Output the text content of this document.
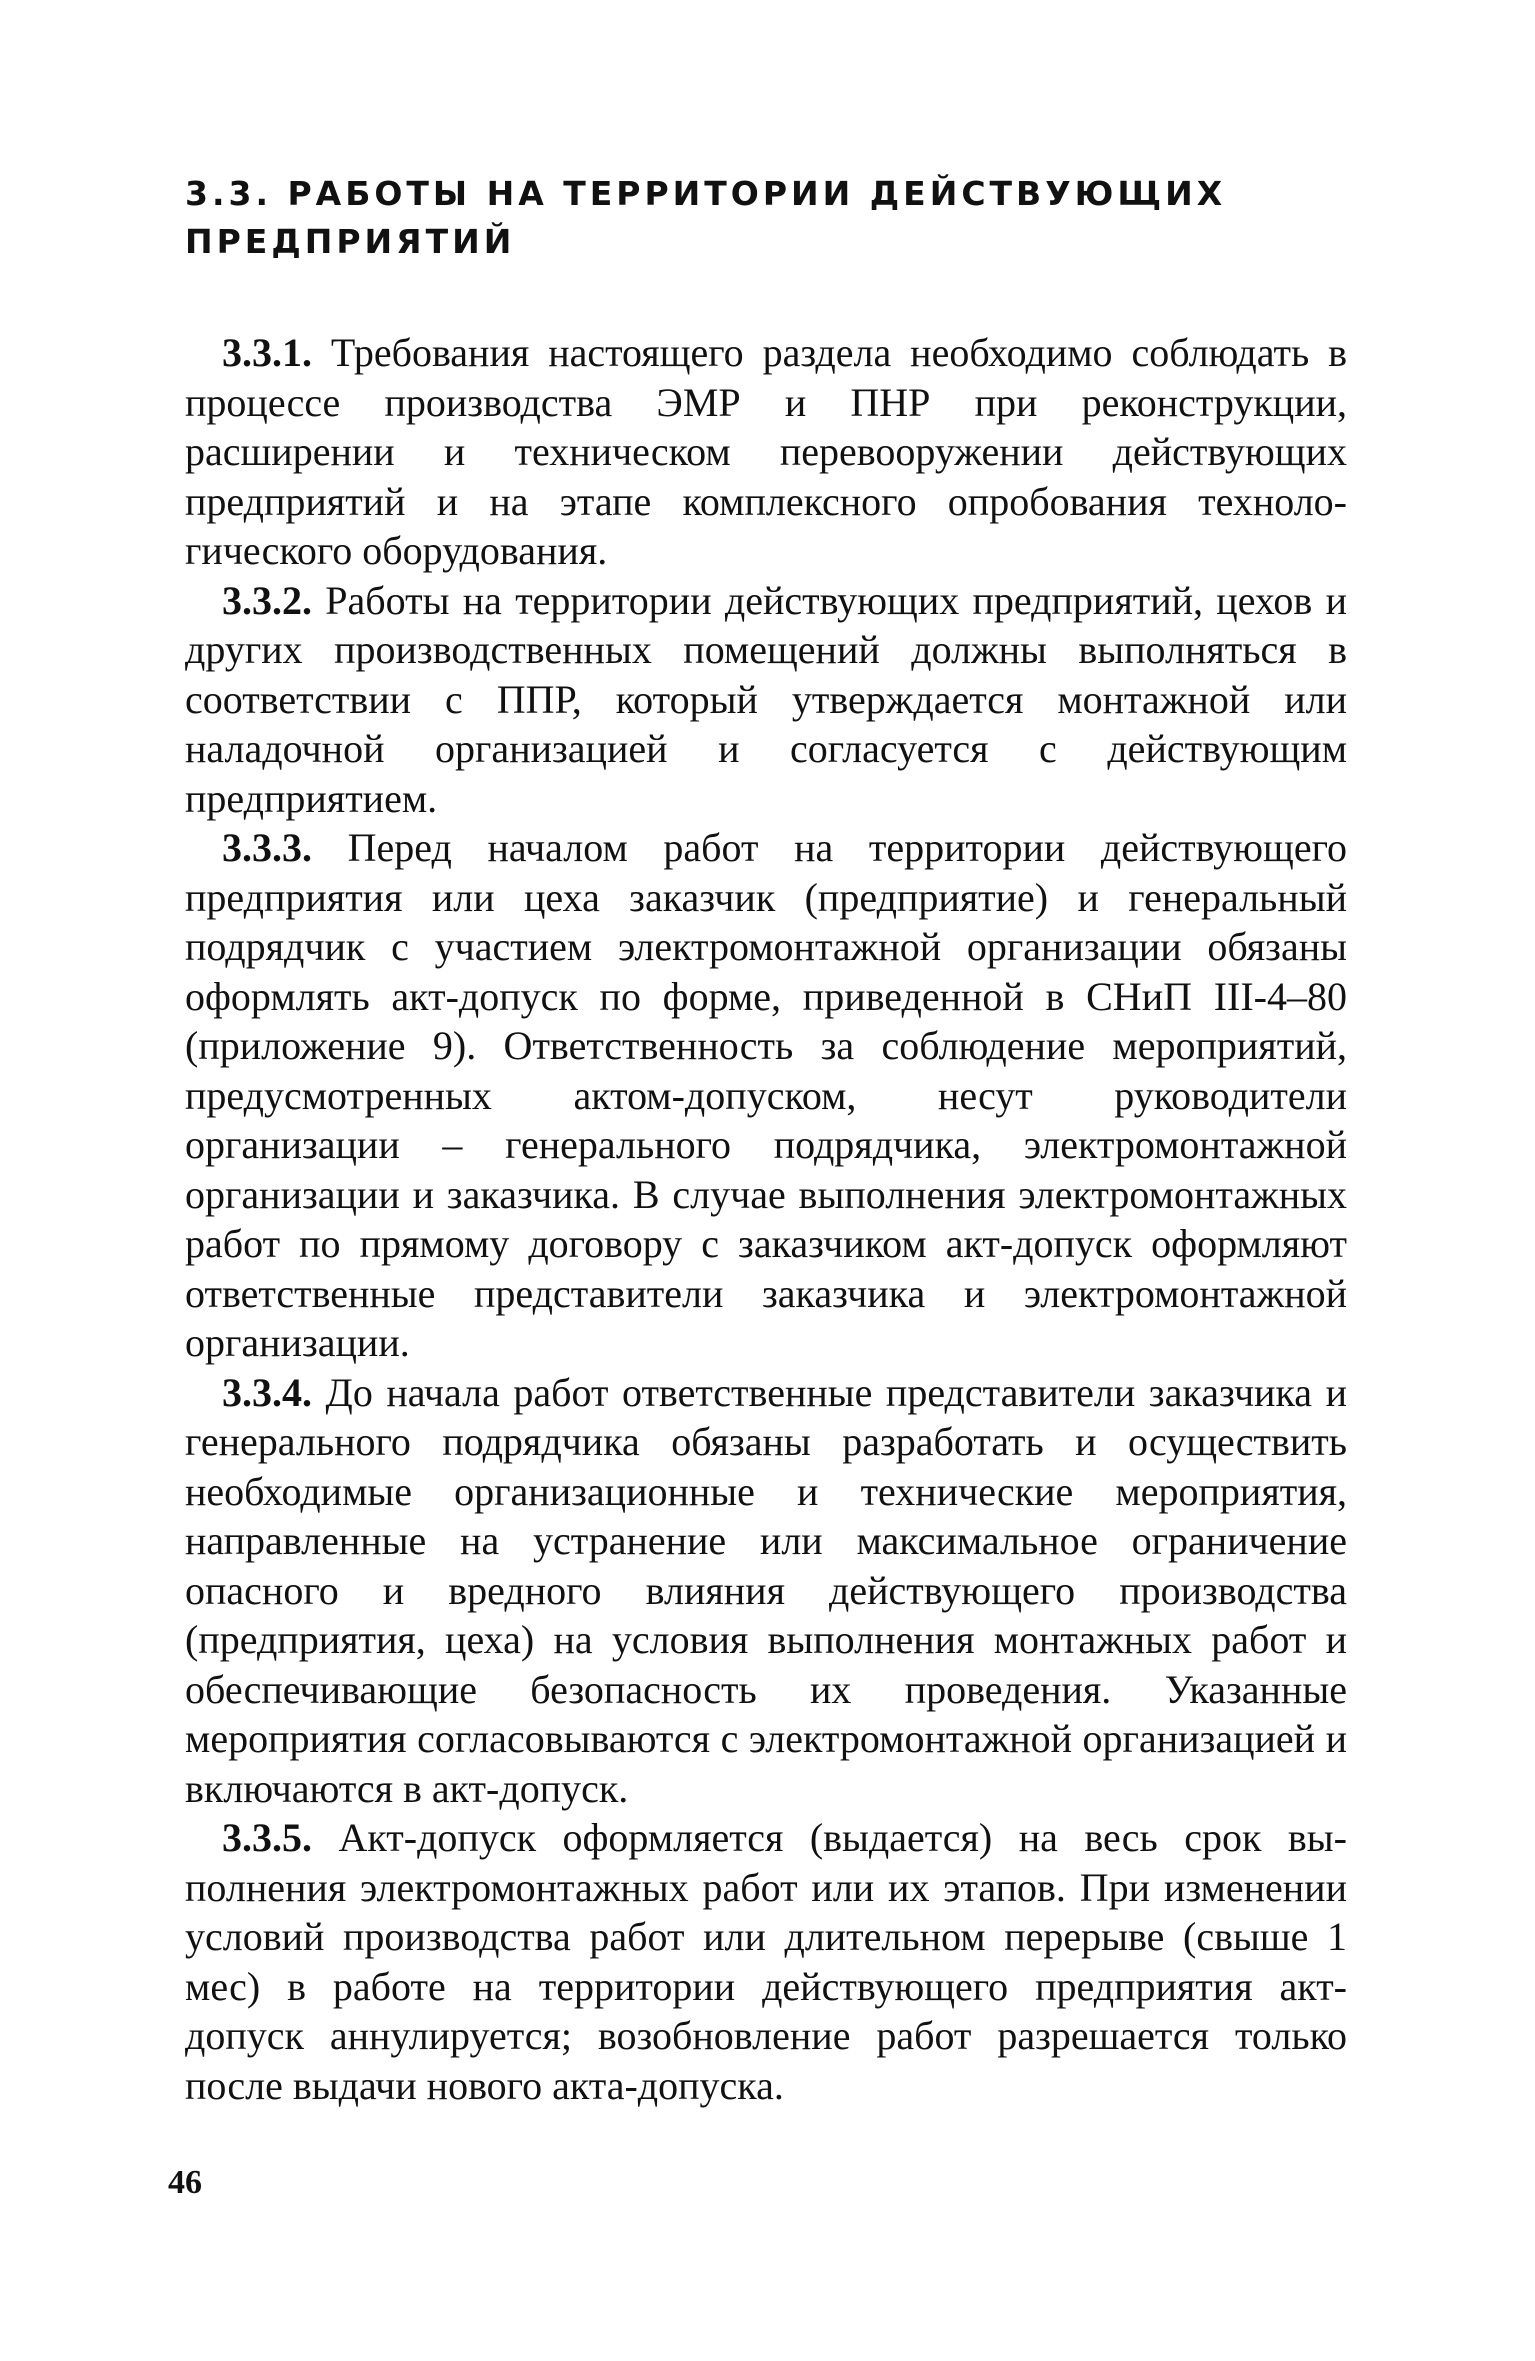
3.3. РАБОТЫ НА ТЕРРИТОРИИ ДЕЙСТВУЮЩИХ
ПРЕДПРИЯТИЙ

3.3.1. Требования настоящего раздела необходимо соблюдать в процессе производства ЭМР и ПНР при реконструкции, расширении и техническом перевооружении действующих предприятий и на этапе комплексного опробования технологического оборудования.

3.3.2. Работы на территории действующих предприятий, цехов и других производственных помещений должны выполняться в соответствии с ППР, который утверждается монтажной или наладочной организацией и согласуется с действующим предприятием.

3.3.3. Перед началом работ на территории действующего предприятия или цеха заказчик (предприятие) и генеральный подрядчик с участием электромонтажной организации обязаны оформлять акт-допуск по форме, приведенной в СНиП III-4–80 (приложение 9). Ответственность за соблюдение мероприятий, предусмотренных актом-допуском, несут руководители организации – генерального подрядчика, электромонтажной организации и заказчика. В случае выполнения электромонтажных работ по прямому договору с заказчиком акт-допуск оформляют ответственные представители заказчика и электромонтажной организации.

3.3.4. До начала работ ответственные представители заказчика и генерального подрядчика обязаны разработать и осуществить необходимые организационные и технические мероприятия, направленные на устранение или максимальное ограничение опасного и вредного влияния действующего производства (предприятия, цеха) на условия выполнения монтажных работ и обеспечивающие безопасность их проведения. Указанные мероприятия согласовываются с электромонтажной организацией и включаются в акт-допуск.

3.3.5. Акт-допуск оформляется (выдается) на весь срок выполнения электромонтажных работ или их этапов. При изменении условий производства работ или длительном перерыве (свыше 1 мес) в работе на территории действующего предприятия акт-допуск аннулируется; возобновление работ разрешается только после выдачи нового акта-допуска.

46
